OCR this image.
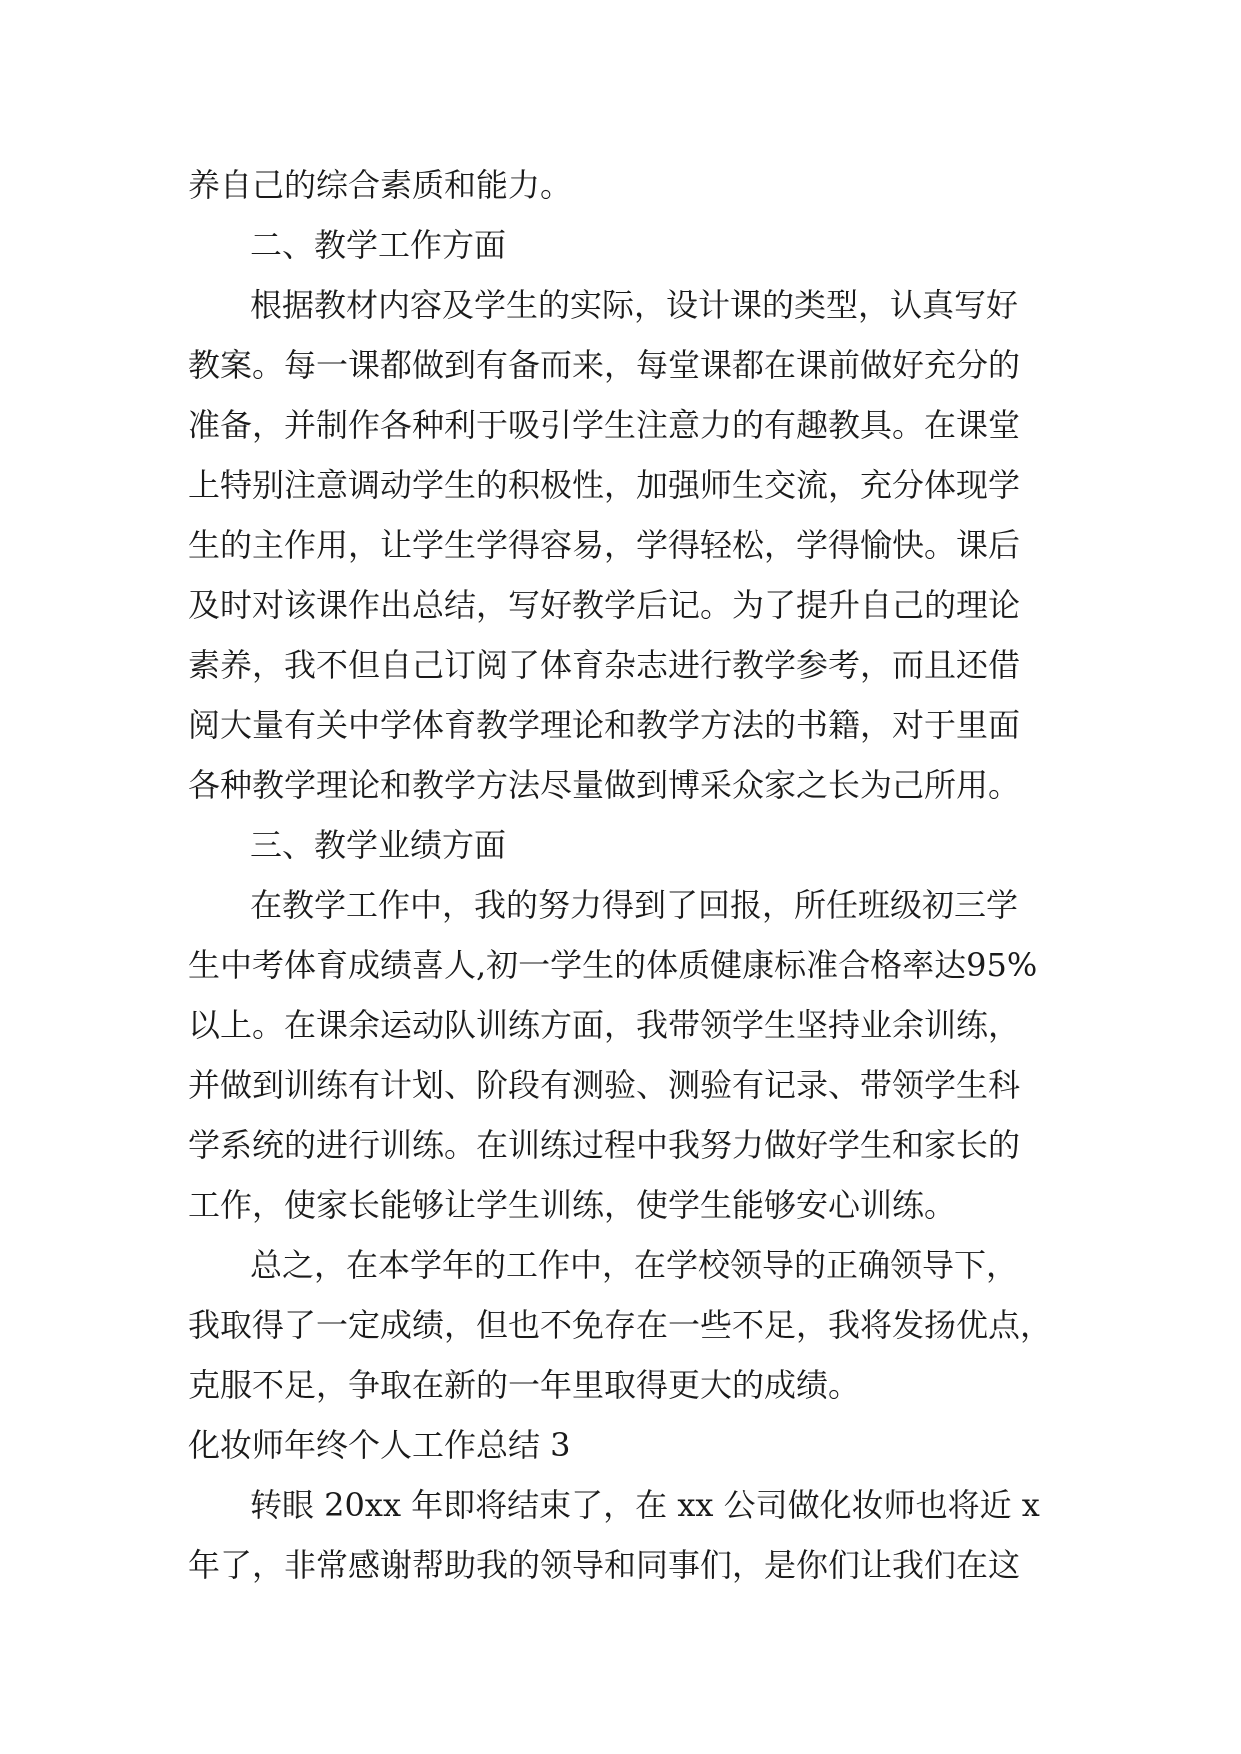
养自己的综合素质和能力。
二、教学工作方面
根据教材内容及学生的实际，设计课的类型，认真写好
教案。每一课都做到有备而来，每堂课都在课前做好充分的
准备，并制作各种利于吸引学生注意力的有趣教具。在课堂
上特别注意调动学生的积极性，加强师生交流，充分体现学
生的主作用，让学生学得容易，学得轻松，学得愉快。课后
及时对该课作出总结，写好教学后记。为了提升自己的理论
素养，我不但自己订阅了体育杂志进行教学参考，而且还借
阅大量有关中学体育教学理论和教学方法的书籍，对于里面
各种教学理论和教学方法尽量做到博采众家之长为己所用。
三、教学业绩方面
在教学工作中，我的努力得到了回报，所任班级初三学
生中考体育成绩喜人,初一学生的体质健康标准合格率达95%
以上。在课余运动队训练方面，我带领学生坚持业余训练，
并做到训练有计划、阶段有测验、测验有记录、带领学生科
学系统的进行训练。在训练过程中我努力做好学生和家长的
工作，使家长能够让学生训练，使学生能够安心训练。
总之，在本学年的工作中，在学校领导的正确领导下，
我取得了一定成绩，但也不免存在一些不足，我将发扬优点，
克服不足，争取在新的一年里取得更大的成绩。
化妆师年终个人工作总结 3
转眼 20xx 年即将结束了，在 xx 公司做化妆师也将近 x
年了，非常感谢帮助我的领导和同事们，是你们让我们在这
